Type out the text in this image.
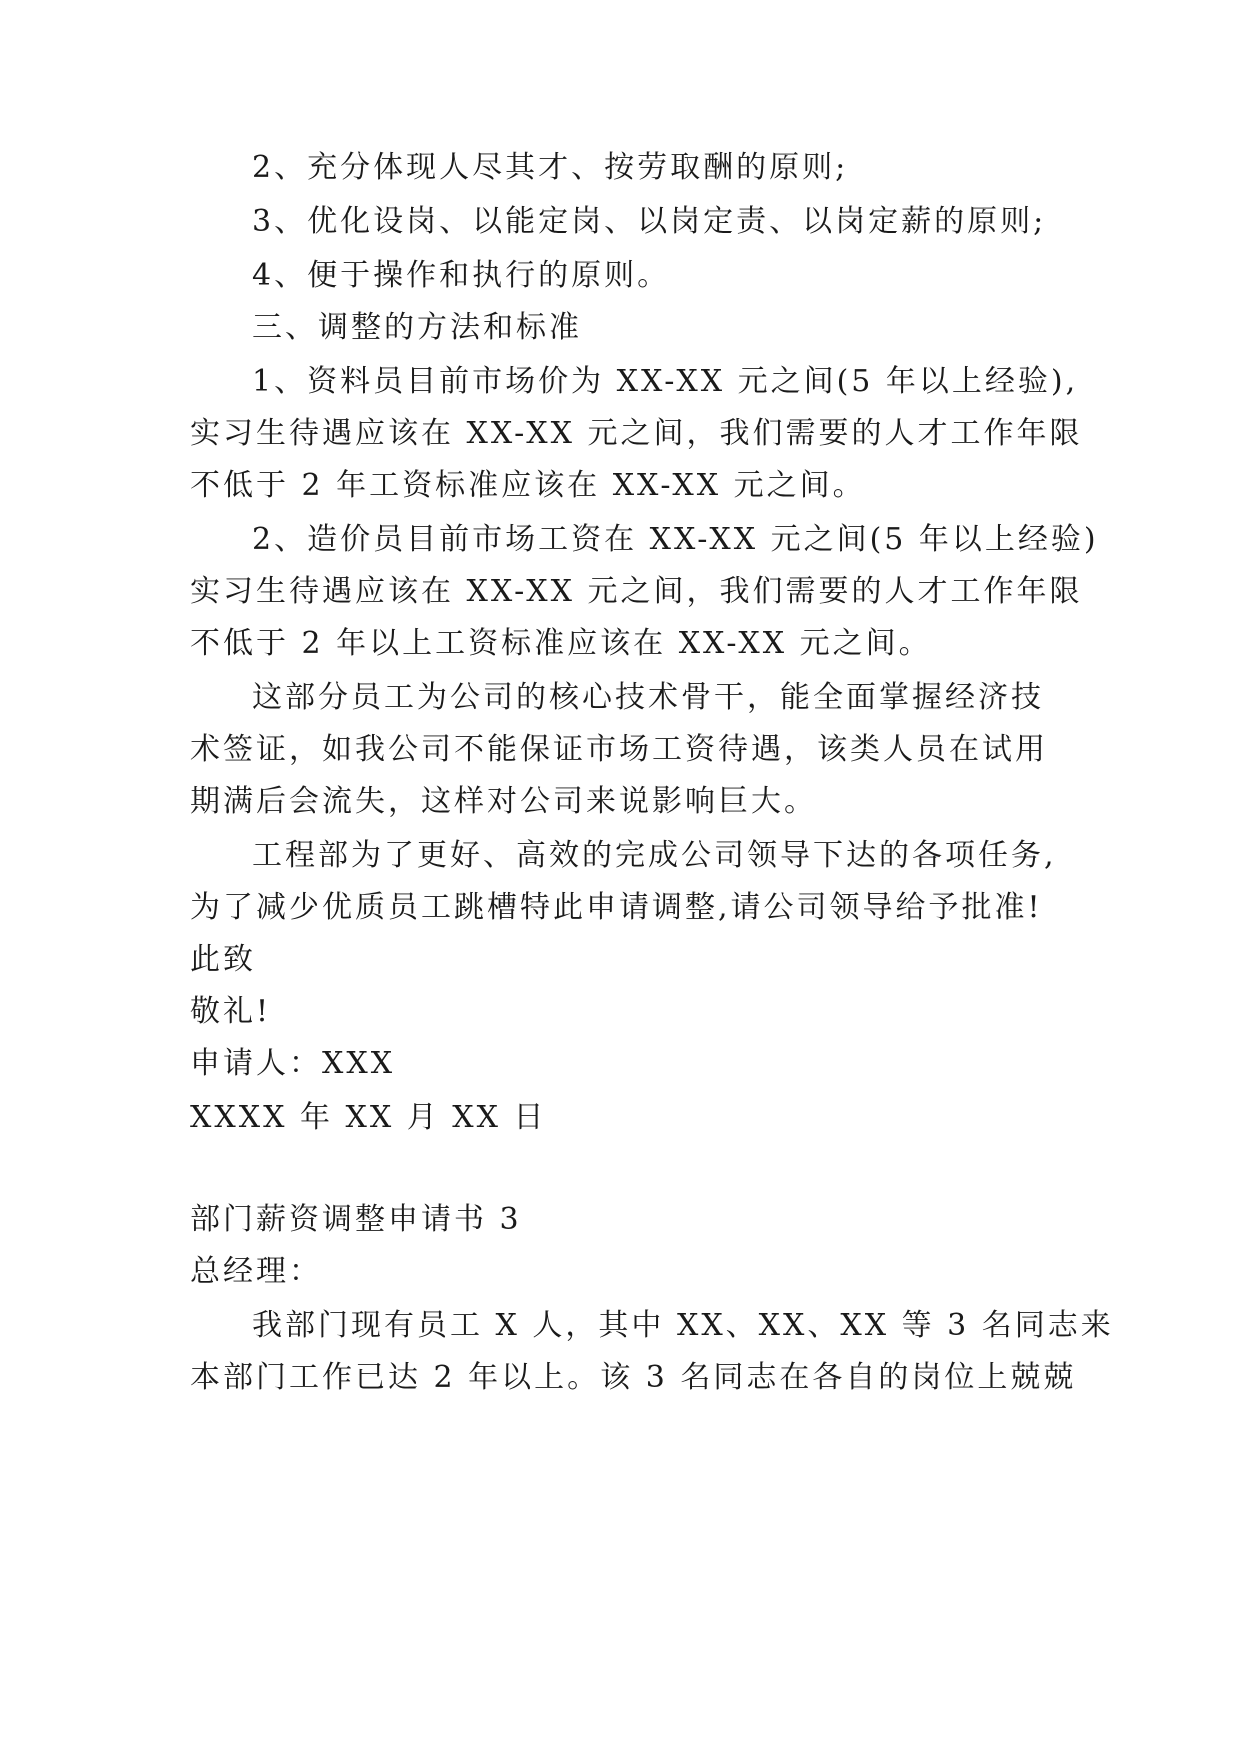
2、充分体现人尽其才、按劳取酬的原则;
3、优化设岗、以能定岗、以岗定责、以岗定薪的原则;
4、便于操作和执行的原则。
三、调整的方法和标准
1、资料员目前市场价为 XX-XX 元之间(5 年以上经验),
实习生待遇应该在 XX-XX 元之间，我们需要的人才工作年限
不低于 2 年工资标准应该在 XX-XX 元之间。
2、造价员目前市场工资在 XX-XX 元之间(5 年以上经验)
实习生待遇应该在 XX-XX 元之间，我们需要的人才工作年限
不低于 2 年以上工资标准应该在 XX-XX 元之间。
这部分员工为公司的核心技术骨干，能全面掌握经济技
术签证，如我公司不能保证市场工资待遇，该类人员在试用
期满后会流失，这样对公司来说影响巨大。
工程部为了更好、高效的完成公司领导下达的各项任务,
为了减少优质员工跳槽特此申请调整,请公司领导给予批准!
此致
敬礼!
申请人：XXX
XXXX 年 XX 月 XX 日
部门薪资调整申请书 3
总经理：
我部门现有员工 X 人，其中 XX、XX、XX 等 3 名同志来
本部门工作已达 2 年以上。该 3 名同志在各自的岗位上兢兢
